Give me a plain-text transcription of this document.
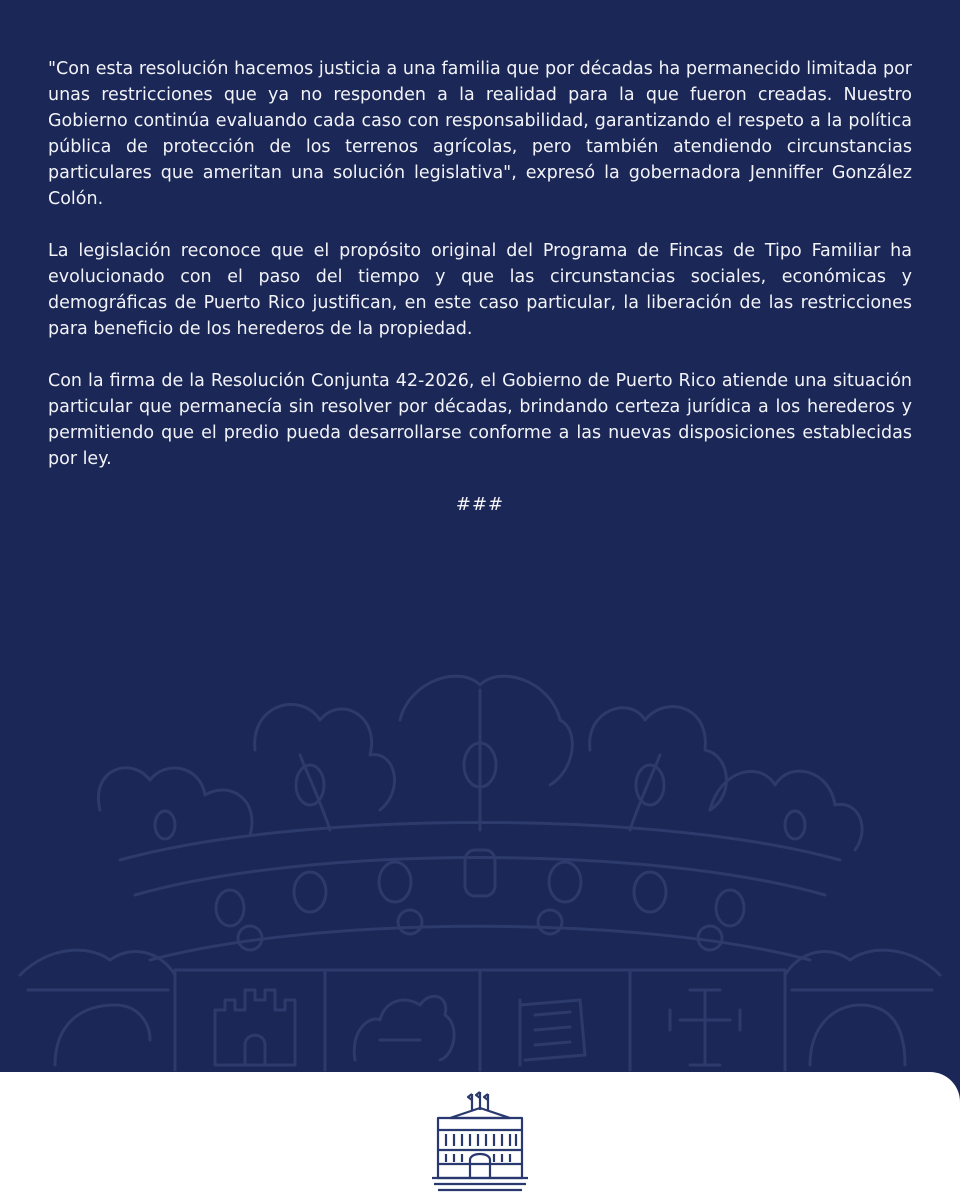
"Con esta resolución hacemos justicia a una familia que por décadas ha permanecido limitada por unas restricciones que ya no responden a la realidad para la que fueron creadas. Nuestro Gobierno continúa evaluando cada caso con responsabilidad, garantizando el respeto a la política pública de protección de los terrenos agrícolas, pero también atendiendo circunstancias particulares que ameritan una solución legislativa", expresó la gobernadora Jenniffer González Colón.

La legislación reconoce que el propósito original del Programa de Fincas de Tipo Familiar ha evolucionado con el paso del tiempo y que las circunstancias sociales, económicas y demográficas de Puerto Rico justifican, en este caso particular, la liberación de las restricciones para beneficio de los herederos de la propiedad.

Con la firma de la Resolución Conjunta 42-2026, el Gobierno de Puerto Rico atiende una situación particular que permanecía sin resolver por décadas, brindando certeza jurídica a los herederos y permitiendo que el predio pueda desarrollarse conforme a las nuevas disposiciones establecidas por ley.

###
